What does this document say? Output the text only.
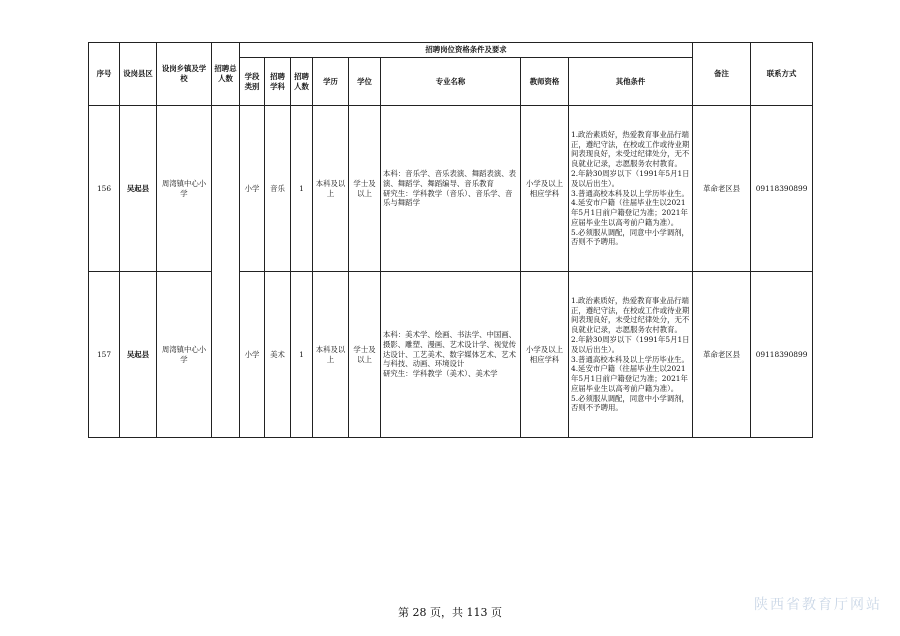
序号	设岗县区	设岗乡镇及学校	招聘总人数	招聘岗位资格条件及要求								备注	联系方式
				学段类别	招聘学科	招聘人数	学历	学位	专业名称	教师资格	其他条件		
156	吴起县	周湾镇中心小学		小学	音乐	1	本科及以上	学士及以上	本科：音乐学、音乐表演、舞蹈表演、表演、舞蹈学、舞蹈编导、音乐教育
研究生：学科教学（音乐）、音乐学、音乐与舞蹈学	小学及以上相应学科	1.政治素质好，热爱教育事业品行端正，遵纪守法，在校或工作或待业期间表现良好，未受过纪律处分，无不良就业记录，志愿服务农村教育。
2.年龄30周岁以下（1991年5月1日及以后出生）。
3.普通高校本科及以上学历毕业生。
4.延安市户籍（往届毕业生以2021年5月1日前户籍登记为准；2021年应届毕业生以高考前户籍为准）。
5.必须服从调配，同意中小学调剂，否则不予聘用。	革命老区县	09118390899
157	吴起县	周湾镇中心小学		小学	美术	1	本科及以上	学士及以上	本科：美术学、绘画、书法学、中国画、摄影、雕塑、漫画、艺术设计学、视觉传达设计、工艺美术、数字媒体艺术、艺术与科技、动画、环境设计
研究生：学科教学（美术）、美术学	小学及以上相应学科	1.政治素质好，热爱教育事业品行端正，遵纪守法，在校或工作或待业期间表现良好，未受过纪律处分，无不良就业记录，志愿服务农村教育。
2.年龄30周岁以下（1991年5月1日及以后出生）。
3.普通高校本科及以上学历毕业生。
4.延安市户籍（往届毕业生以2021年5月1日前户籍登记为准；2021年应届毕业生以高考前户籍为准）。
5.必须服从调配，同意中小学调剂，否则不予聘用。	革命老区县	09118390899
第 28 页，共 113 页	陕西省教育厅网站
